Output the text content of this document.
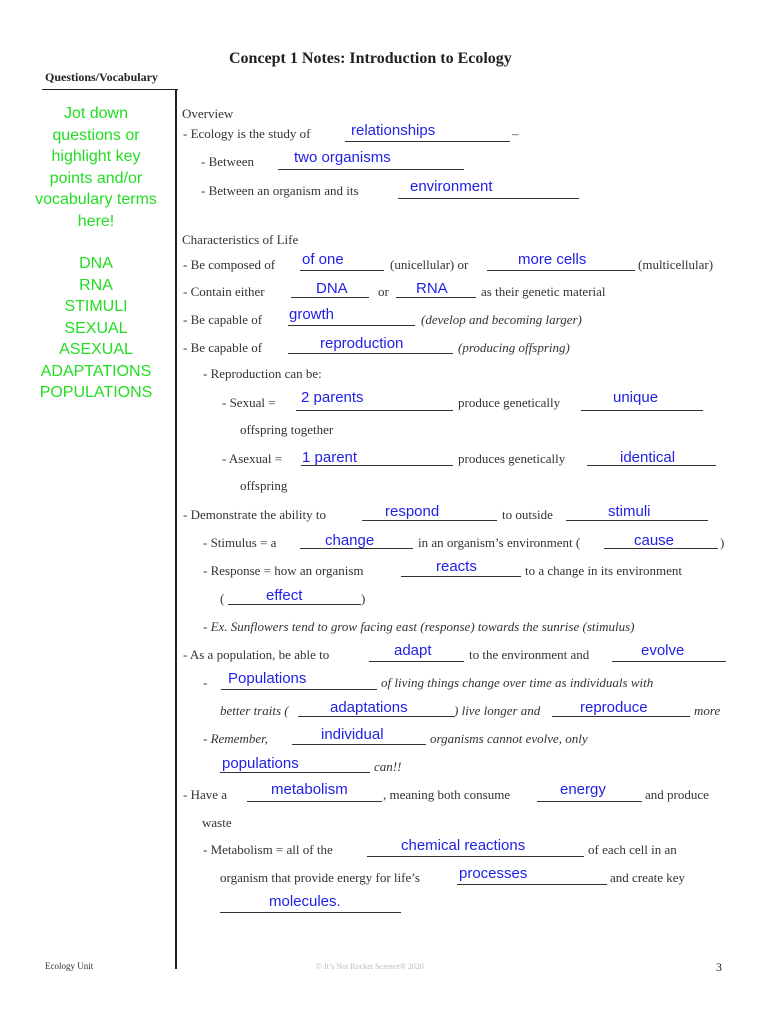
Concept 1 Notes: Introduction to Ecology
Questions/Vocabulary
Jot down
questions or
highlight key
points and/or
vocabulary terms
here!
DNA
RNA
STIMULI
SEXUAL
ASEXUAL
ADAPTATIONS
POPULATIONS
Overview
- Ecology is the study of	relationships	–
- Between	two organisms
- Between an organism and its	environment
Characteristics of Life
- Be composed of of one	(unicellular) or	more cells	(multicellular)
- Contain either	DNA or RNA	as their genetic material
- Be capable of growth	(develop and becoming larger)
- Be capable of	reproduction	(producing offspring)
- Reproduction can be:
- Sexual = 2 parents	produce genetically	unique
offspring together
- Asexual = 1 parent	produces genetically	identical
offspring
- Demonstrate the ability to	respond	to outside	stimuli
- Stimulus = a	change	in an organism’s environment (	cause	)
- Response = how an organism	reacts	to a change in its environment
(	effect	)
- Ex. Sunflowers tend to grow facing east (response) towards the sunrise (stimulus)
- As a population, be able to	adapt	to the environment and	evolve
- Populations	of living things change over time as individuals with
better traits (	adaptations	) live longer and	reproduce	more
- Remember,	individual	organisms cannot evolve, only
populations	can!!
- Have a	metabolism	, meaning both consume	energy	and produce
waste
- Metabolism = all of the	chemical reactions	of each cell in an
organism that provide energy for life’s	processes	and create key
molecules.
Ecology Unit	© It’s Not Rocket Science® 2020	3
